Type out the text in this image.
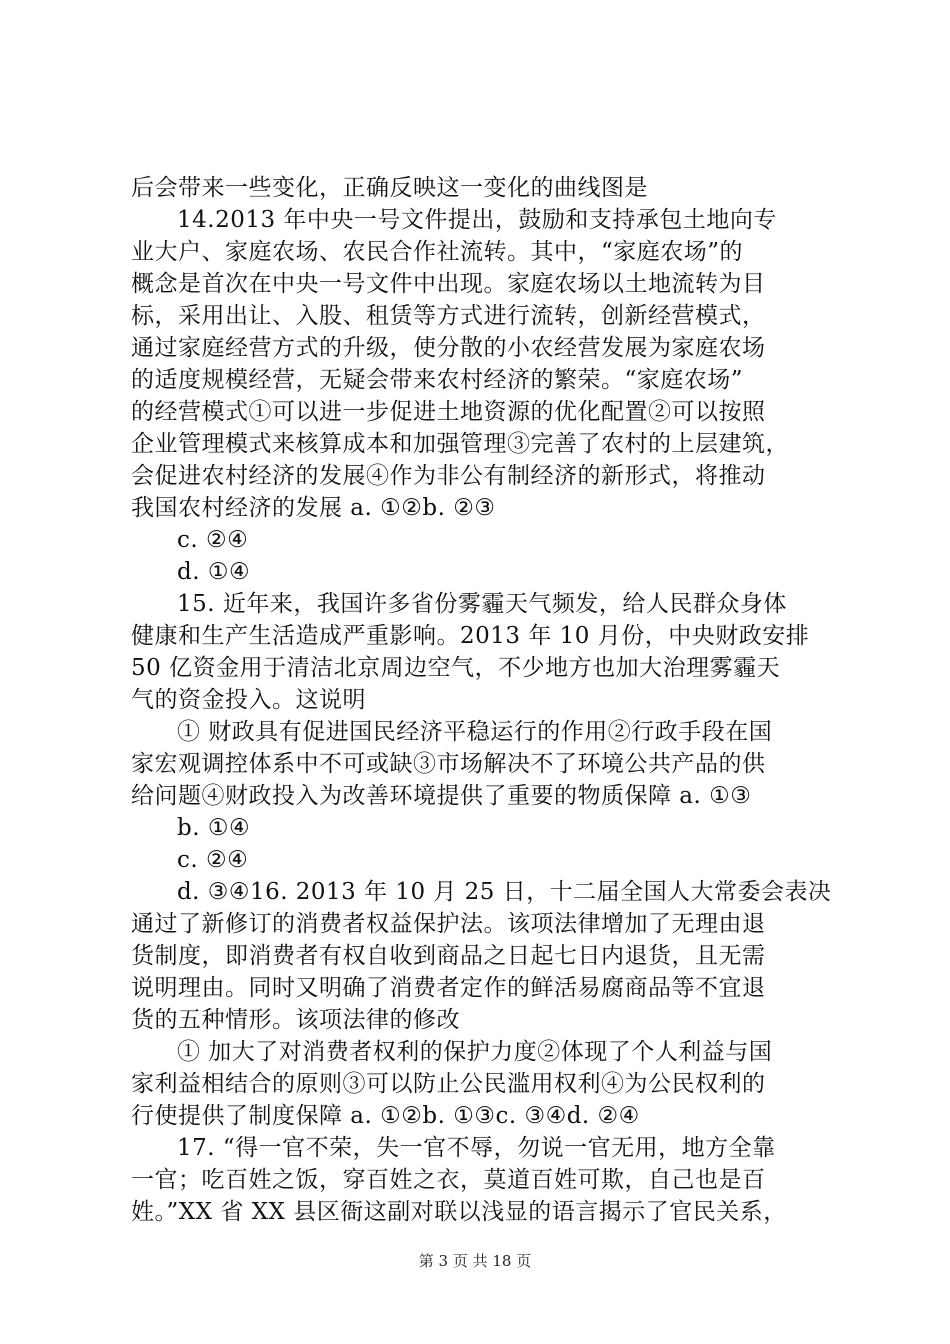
后会带来一些变化，正确反映这一变化的曲线图是
14.2013 年中央一号文件提出，鼓励和支持承包土地向专
业大户、家庭农场、农民合作社流转。其中，“家庭农场”的
概念是首次在中央一号文件中出现。家庭农场以土地流转为目
标，采用出让、入股、租赁等方式进行流转，创新经营模式，
通过家庭经营方式的升级，使分散的小农经营发展为家庭农场
的适度规模经营，无疑会带来农村经济的繁荣。“家庭农场”
的经营模式①可以进一步促进土地资源的优化配置②可以按照
企业管理模式来核算成本和加强管理③完善了农村的上层建筑，
会促进农村经济的发展④作为非公有制经济的新形式，将推动
我国农村经济的发展 a. ①②b. ②③
c. ②④
d. ①④
15. 近年来，我国许多省份雾霾天气频发，给人民群众身体
健康和生产生活造成严重影响。2013 年 10 月份，中央财政安排
50 亿资金用于清洁北京周边空气，不少地方也加大治理雾霾天
气的资金投入。这说明
① 财政具有促进国民经济平稳运行的作用②行政手段在国
家宏观调控体系中不可或缺③市场解决不了环境公共产品的供
给问题④财政投入为改善环境提供了重要的物质保障 a. ①③
b. ①④
c. ②④
d. ③④16. 2013 年 10 月 25 日，十二届全国人大常委会表决
通过了新修订的消费者权益保护法。该项法律增加了无理由退
货制度，即消费者有权自收到商品之日起七日内退货，且无需
说明理由。同时又明确了消费者定作的鲜活易腐商品等不宜退
货的五种情形。该项法律的修改
① 加大了对消费者权利的保护力度②体现了个人利益与国
家利益相结合的原则③可以防止公民滥用权利④为公民权利的
行使提供了制度保障 a. ①②b. ①③c. ③④d. ②④
17. “得一官不荣，失一官不辱，勿说一官无用，地方全靠
一官；吃百姓之饭，穿百姓之衣，莫道百姓可欺，自己也是百
姓。”XX 省 XX 县区衙这副对联以浅显的语言揭示了官民关系，
第 3 页 共 18 页
